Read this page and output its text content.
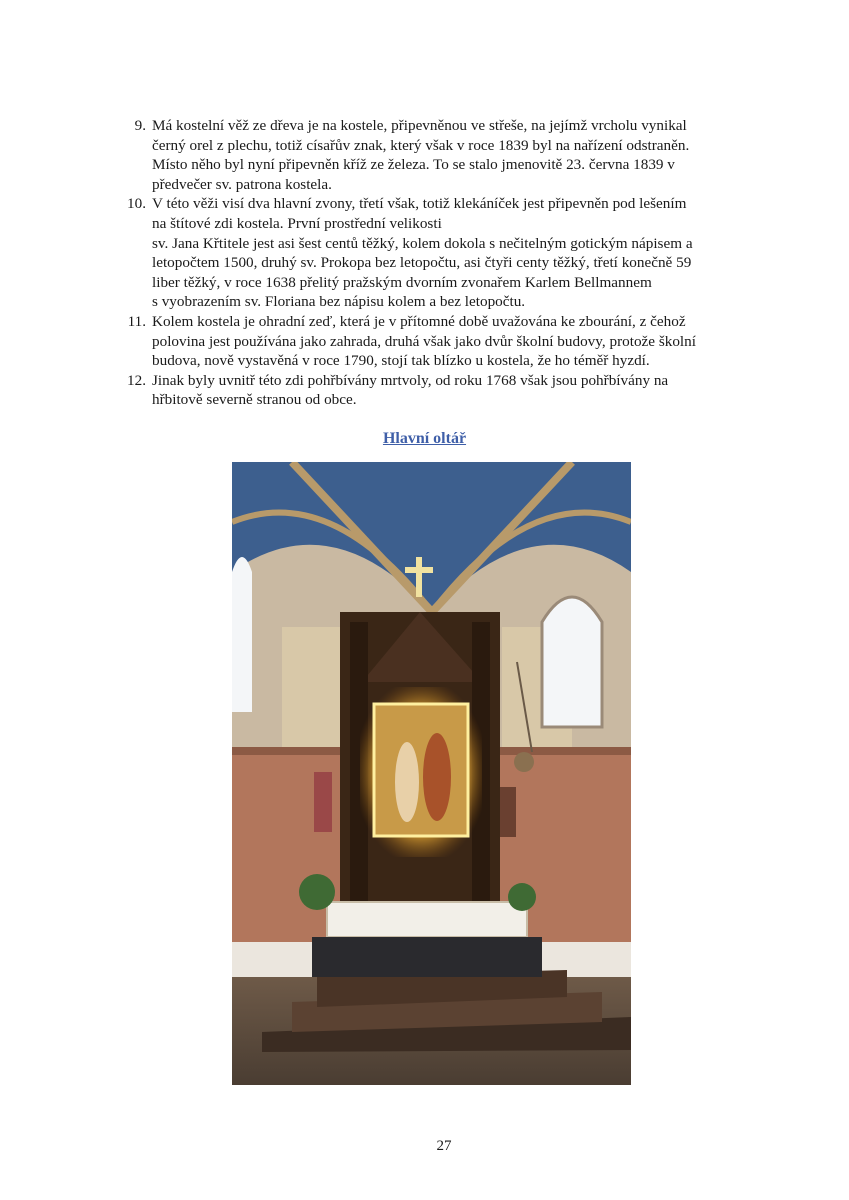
9. Má kostelní věž ze dřeva je na kostele, připevněnou ve střeše, na jejímž vrcholu vynikal
černý orel z plechu, totiž císařův znak, který však v roce 1839 byl na nařízení odstraněn.
Místo něho byl nyní připevněn kříž ze železa. To se stalo jmenovitě 23. června 1839 v
předvečer sv. patrona kostela.
10. V této věži visí dva hlavní zvony, třetí však, totiž klekáníček jest připevněn pod lešením
na štítové zdi kostela. První prostřední velikosti
sv. Jana Křtitele jest asi šest centů těžký, kolem dokola s nečitelným gotickým nápisem a
letopočtem 1500, druhý sv. Prokopa bez letopočtu, asi čtyři centy těžký, třetí konečně 59
liber těžký, v roce 1638 přelitý pražským dvorním zvonařem Karlem Bellmannem
s vyobrazením sv. Floriana bez nápisu kolem a bez letopočtu.
11. Kolem kostela je ohradní zeď, která je v přítomné době uvažována ke zbourání, z čehož
polovina jest používána jako zahrada, druhá však jako dvůr školní budovy, protože školní
budova, nově vystavěná v roce 1790, stojí tak blízko u kostela, že ho téměř hyzdí.
12. Jinak byly uvnitř této zdi pohřbívány mrtvoly, od roku 1768 však jsou pohřbívány na
hřbitově severně stranou od obce.
Hlavní oltář
27
